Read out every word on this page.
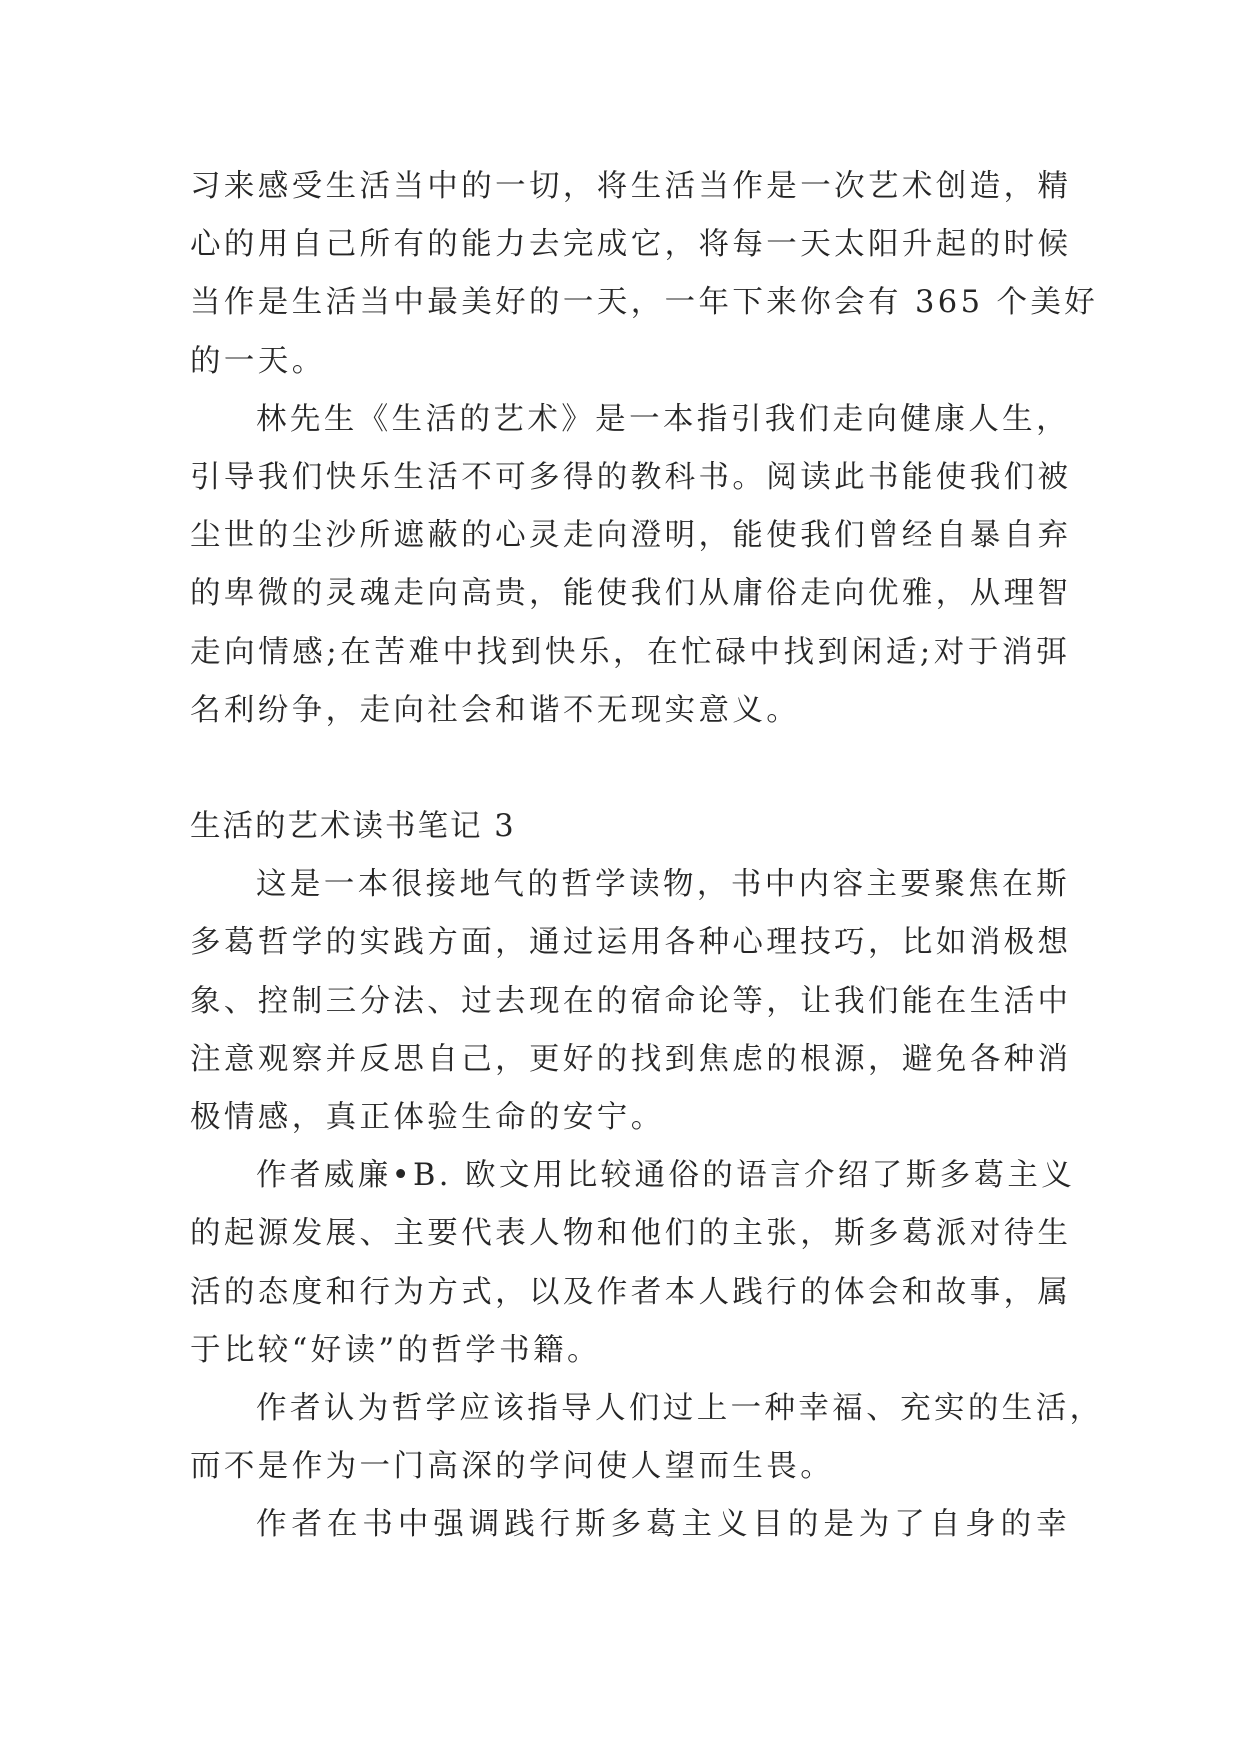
习来感受生活当中的一切，将生活当作是一次艺术创造，精
心的用自己所有的能力去完成它，将每一天太阳升起的时候
当作是生活当中最美好的一天，一年下来你会有 365 个美好
的一天。
林先生《生活的艺术》是一本指引我们走向健康人生，
引导我们快乐生活不可多得的教科书。阅读此书能使我们被
尘世的尘沙所遮蔽的心灵走向澄明，能使我们曾经自暴自弃
的卑微的灵魂走向高贵，能使我们从庸俗走向优雅，从理智
走向情感;在苦难中找到快乐，在忙碌中找到闲适;对于消弭
名利纷争，走向社会和谐不无现实意义。
生活的艺术读书笔记 3
这是一本很接地气的哲学读物，书中内容主要聚焦在斯
多葛哲学的实践方面，通过运用各种心理技巧，比如消极想
象、控制三分法、过去现在的宿命论等，让我们能在生活中
注意观察并反思自己，更好的找到焦虑的根源，避免各种消
极情感，真正体验生命的安宁。
作者威廉•B. 欧文用比较通俗的语言介绍了斯多葛主义
的起源发展、主要代表人物和他们的主张，斯多葛派对待生
活的态度和行为方式，以及作者本人践行的体会和故事，属
于比较“好读”的哲学书籍。
作者认为哲学应该指导人们过上一种幸福、充实的生活，
而不是作为一门高深的学问使人望而生畏。
作者在书中强调践行斯多葛主义目的是为了自身的幸
